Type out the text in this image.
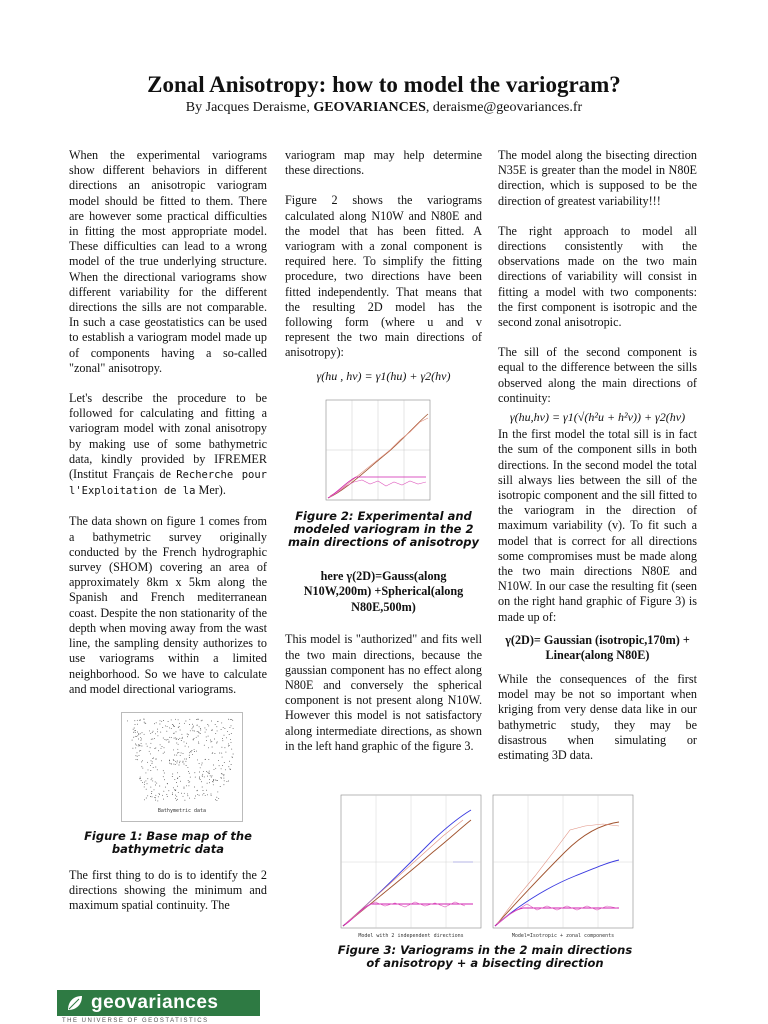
Zonal Anisotropy: how to model the variogram?
By Jacques Deraisme, GEOVARIANCES, deraisme@geovariances.fr

When the experimental variograms show different behaviors in different directions an anisotropic variogram model should be fitted to them. There are however some practical difficulties in fitting the most appropriate model. These difficulties can lead to a wrong model of the true underlying structure. When the directional variograms show different variability for the different directions the sills are not comparable. In such a case geostatistics can be used to establish a variogram model made up of components having a so-called "zonal" anisotropy.

Let's describe the procedure to be followed for calculating and fitting a variogram model with zonal anisotropy by making use of some bathymetric data, kindly provided by IFREMER (Institut Français de Recherche pour l'Exploitation de la Mer).

The data shown on figure 1 comes from a bathymetric survey originally conducted by the French hydrographic survey (SHOM) covering an area of approximately 8km x 5km along the Spanish and French mediterranean coast. Despite the non stationarity of the depth when moving away from the wast line, the sampling density authorizes to use variograms within a limited neighborhood. So we have to calculate and model directional variograms.

Bathymetric data
Figure 1: Base map of the bathymetric data

The first thing to do is to identify the 2 directions showing the minimum and maximum spatial continuity. The

variogram map may help determine these directions.

Figure 2 shows the variograms calculated along N10W and N80E and the model that has been fitted. A variogram with a zonal component is required here. To simplify the fitting procedure, two directions have been fitted independently. That means that the resulting 2D model has the following form (where u and v represent the two main directions of anisotropy):

γ(hu , hv) = γ1(hu) + γ2(hv)
Figure 2: Experimental and modeled variogram in the 2 main directions of anisotropy
here γ(2D)=Gauss(along N10W,200m) +Spherical(along N80E,500m)

This model is "authorized" and fits well the two main directions, because the gaussian component has no effect along N80E and conversely the spherical component is not present along N10W. However this model is not satisfactory along intermediate directions, as shown in the left hand graphic of the figure 3.

The model along the bisecting direction N35E is greater than the model in N80E direction, which is supposed to be the direction of greatest variability!!!

The right approach to model all directions consistently with the observations made on the two main directions of variability will consist in fitting a model with two components: the first component is isotropic and the second zonal anisotropic.

The sill of the second component is equal to the difference between the sills observed along the main directions of continuity:

γ(hu,hv) = γ1(√(h²u + h²v)) + γ2(hv)

In the first model the total sill is in fact the sum of the component sills in both directions. In the second model the total sill always lies between the sill of the isotropic component and the sill fitted to the variogram in the direction of maximum variability (v). To fit such a model that is correct for all directions some compromises must be made along the two main directions N80E and N10W. In our case the resulting fit (seen on the right hand graphic of Figure 3) is made up of:

γ(2D)= Gaussian (isotropic,170m) + Linear(along N80E)

While the consequences of the first model may be not so important when kriging from very dense data like in our bathymetric study, they may be disastrous when simulating or estimating 3D data.

Model with 2 independent directions	Model=Isotropic + zonal components
Figure 3: Variograms in the 2 main directions of anisotropy + a bisecting direction
geovariances
THE UNIVERSE OF GEOSTATISTICS
